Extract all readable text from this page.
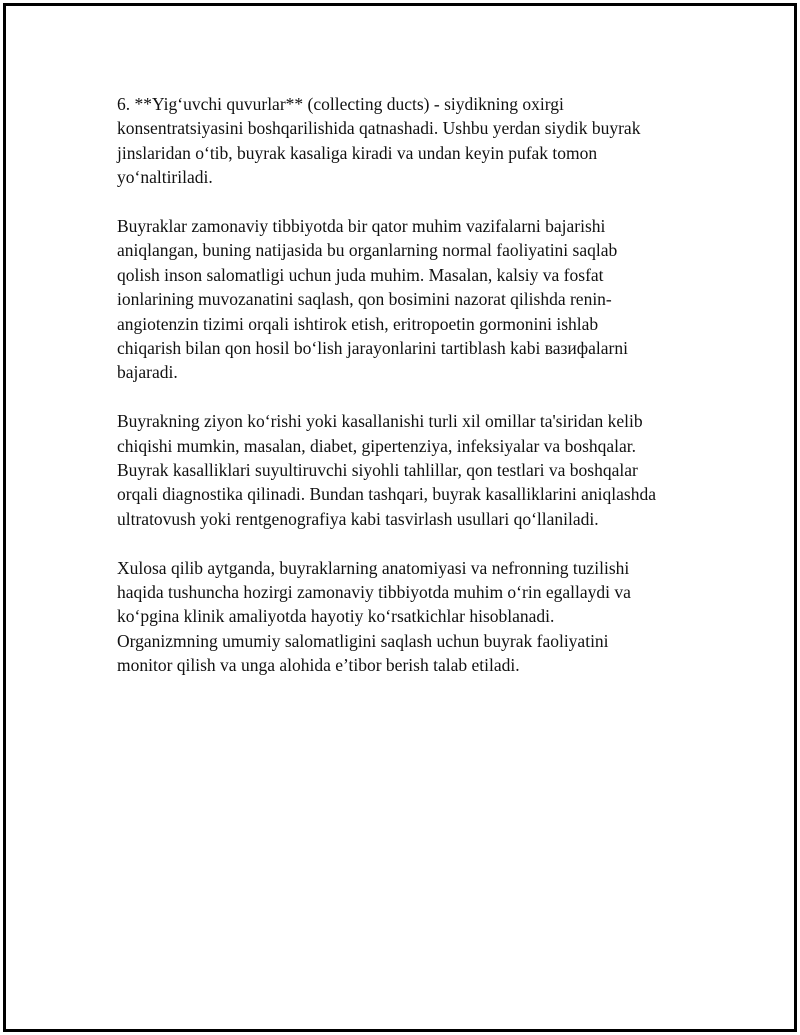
6. **Yig‘uvchi quvurlar** (collecting ducts) - siydikning oxirgi
konsentratsiyasini boshqarilishida qatnashadi. Ushbu yerdan siydik buyrak
jinslaridan o‘tib, buyrak kasaliga kiradi va undan keyin pufak tomon
yo‘naltiriladi.

Buyraklar zamonaviy tibbiyotda bir qator muhim vazifalarni bajarishi
aniqlangan, buning natijasida bu organlarning normal faoliyatini saqlab
qolish inson salomatligi uchun juda muhim. Masalan, kalsiy va fosfat
ionlarining muvozanatini saqlash, qon bosimini nazorat qilishda renin-
angiotenzin tizimi orqali ishtirok etish, eritropoetin gormonini ishlab
chiqarish bilan qon hosil bo‘lish jarayonlarini tartiblash kabi вазифalarni
bajaradi.

Buyrakning ziyon ko‘rishi yoki kasallanishi turli xil omillar ta'siridan kelib
chiqishi mumkin, masalan, diabet, gipertenziya, infeksiyalar va boshqalar.
Buyrak kasalliklari suyultiruvchi siyohli tahlillar, qon testlari va boshqalar
orqali diagnostika qilinadi. Bundan tashqari, buyrak kasalliklarini aniqlashda
ultratovush yoki rentgenografiya kabi tasvirlash usullari qo‘llaniladi.

Xulosa qilib aytganda, buyraklarning anatomiyasi va nefronning tuzilishi
haqida tushuncha hozirgi zamonaviy tibbiyotda muhim o‘rin egallaydi va
ko‘pgina klinik amaliyotda hayotiy ko‘rsatkichlar hisoblanadi.
Organizmning umumiy salomatligini saqlash uchun buyrak faoliyatini
monitor qilish va unga alohida e’tibor berish talab etiladi.
